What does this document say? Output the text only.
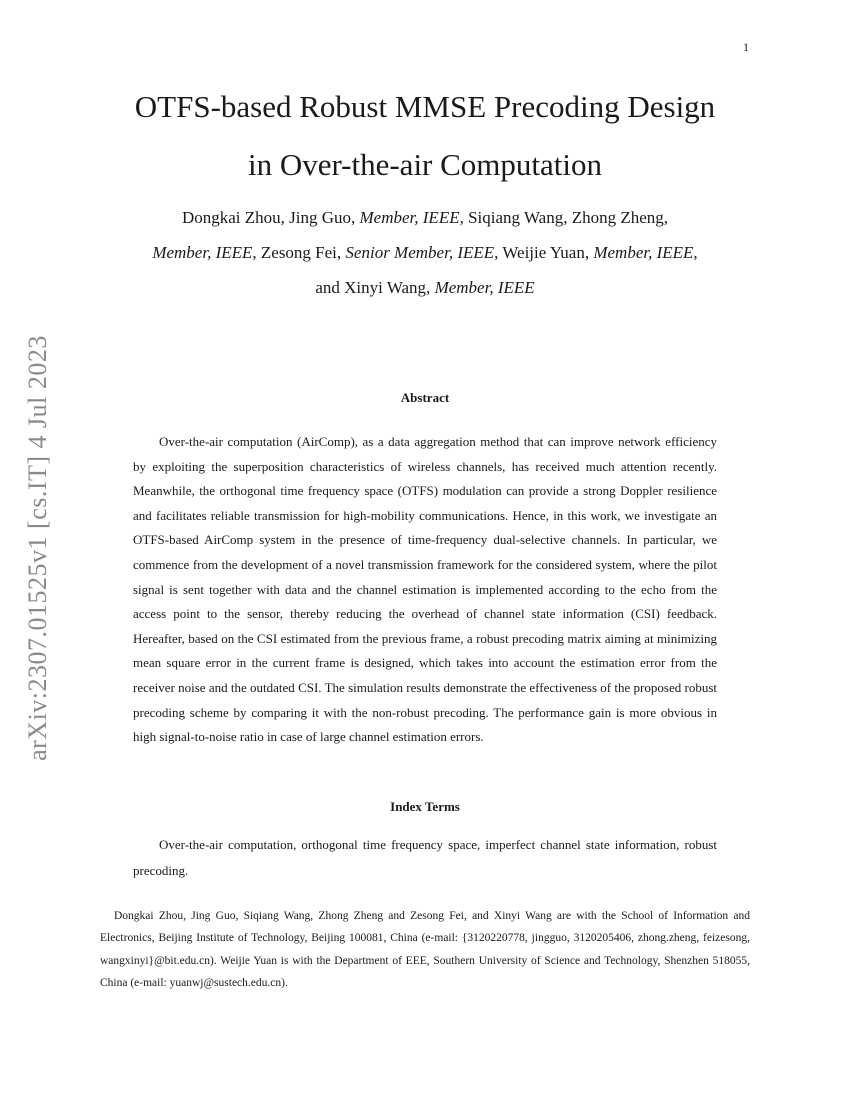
1
arXiv:2307.01525v1 [cs.IT] 4 Jul 2023
OTFS-based Robust MMSE Precoding Design
in Over-the-air Computation
Dongkai Zhou, Jing Guo, Member, IEEE, Siqiang Wang, Zhong Zheng,
Member, IEEE, Zesong Fei, Senior Member, IEEE, Weijie Yuan, Member, IEEE,
and Xinyi Wang, Member, IEEE
Abstract

Over-the-air computation (AirComp), as a data aggregation method that can improve network efficiency by exploiting the superposition characteristics of wireless channels, has received much attention recently. Meanwhile, the orthogonal time frequency space (OTFS) modulation can provide a strong Doppler resilience and facilitates reliable transmission for high-mobility communications. Hence, in this work, we investigate an OTFS-based AirComp system in the presence of time-frequency dual-selective channels. In particular, we commence from the development of a novel transmission framework for the considered system, where the pilot signal is sent together with data and the channel estimation is implemented according to the echo from the access point to the sensor, thereby reducing the overhead of channel state information (CSI) feedback. Hereafter, based on the CSI estimated from the previous frame, a robust precoding matrix aiming at minimizing mean square error in the current frame is designed, which takes into account the estimation error from the receiver noise and the outdated CSI. The simulation results demonstrate the effectiveness of the proposed robust precoding scheme by comparing it with the non-robust precoding. The performance gain is more obvious in high signal-to-noise ratio in case of large channel estimation errors.

Index Terms

Over-the-air computation, orthogonal time frequency space, imperfect channel state information, robust precoding.

Dongkai Zhou, Jing Guo, Siqiang Wang, Zhong Zheng and Zesong Fei, and Xinyi Wang are with the School of Information and Electronics, Beijing Institute of Technology, Beijing 100081, China (e-mail: {3120220778, jingguo, 3120205406, zhong.zheng, feizesong, wangxinyi}@bit.edu.cn). Weijie Yuan is with the Department of EEE, Southern University of Science and Technology, Shenzhen 518055, China (e-mail: yuanwj@sustech.edu.cn).
